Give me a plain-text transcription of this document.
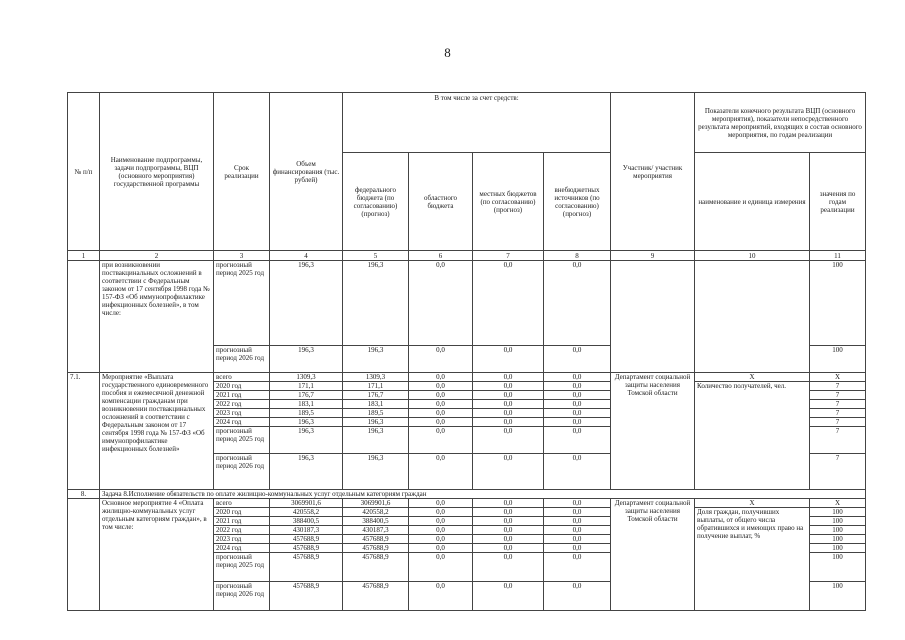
8
№ п/п	Наименование подпрограммы, задачи подпрограммы, ВЦП (основного мероприятия) государственной программы	Срок реализации	Объем финансирования (тыс. рублей)	В том числе за счет средств:				Участник/ участник мероприятия	Показатели конечного результата ВЦП (основного мероприятия), показатели непосредственного результата мероприятий, входящих в состав основного мероприятия, по годам реализации	
				федерального бюджета (по согласованию) (прогноз)	областного бюджета	местных бюджетов (по согласованию) (прогноз)	внебюджетных источников (по согласованию) (прогноз)		наименование и единица измерения	значения по годам реализации
1	2	3	4	5	6	7	8	9	10	11
	при возникновении поствакцинальных осложнений в соответствии с Федеральным законом от 17 сентября 1998 года № 157-ФЗ «Об иммунопрофилактике инфекционных болезней», в том числе:	прогнозный период 2025 год	196,3	196,3	0,0	0,0	0,0			100
		прогнозный период 2026 год	196,3	196,3	0,0	0,0	0,0			100
7.1.	Мероприятие «Выплата государственного единовременного пособия и ежемесячной денежной компенсации гражданам при возникновении поствакцинальных осложнений в соответствии с Федеральным законом от 17 сентября 1998 года № 157-ФЗ «Об иммунопрофилактике инфекционных болезней»	всего	1309,3	1309,3	0,0	0,0	0,0	Департамент социальной защиты населения Томской области	X	X
		2020 год	171,1	171,1	0,0	0,0	0,0		Количество получателей, чел.	7
		2021 год	176,7	176,7	0,0	0,0	0,0			7
		2022 год	183,1	183,1	0,0	0,0	0,0			7
		2023 год	189,5	189,5	0,0	0,0	0,0			7
		2024 год	196,3	196,3	0,0	0,0	0,0			7
		прогнозный период 2025 год	196,3	196,3	0,0	0,0	0,0			7
		прогнозный период 2026 год	196,3	196,3	0,0	0,0	0,0			7
8.	Задача 8.Исполнение обязательств по оплате жилищно-коммунальных услуг отдельным категориям граждан									
	Основное мероприятие 4 «Оплата жилищно-коммунальных услуг отдельным категориям граждан», в том числе:	всего	3069901,6	3069901,6	0,0	0,0	0,0	Департамент социальной защиты населения Томской области	X	X
		2020 год	420558,2	420558,2	0,0	0,0	0,0		Доля граждан, получивших выплаты, от общего числа обратившихся и имеющих право на получение выплат, %	100
		2021 год	388400,5	388400,5	0,0	0,0	0,0			100
		2022 год	430187,3	430187,3	0,0	0,0	0,0			100
		2023 год	457688,9	457688,9	0,0	0,0	0,0			100
		2024 год	457688,9	457688,9	0,0	0,0	0,0			100
		прогнозный период 2025 год	457688,9	457688,9	0,0	0,0	0,0			100
		прогнозный период 2026 год	457688,9	457688,9	0,0	0,0	0,0			100
